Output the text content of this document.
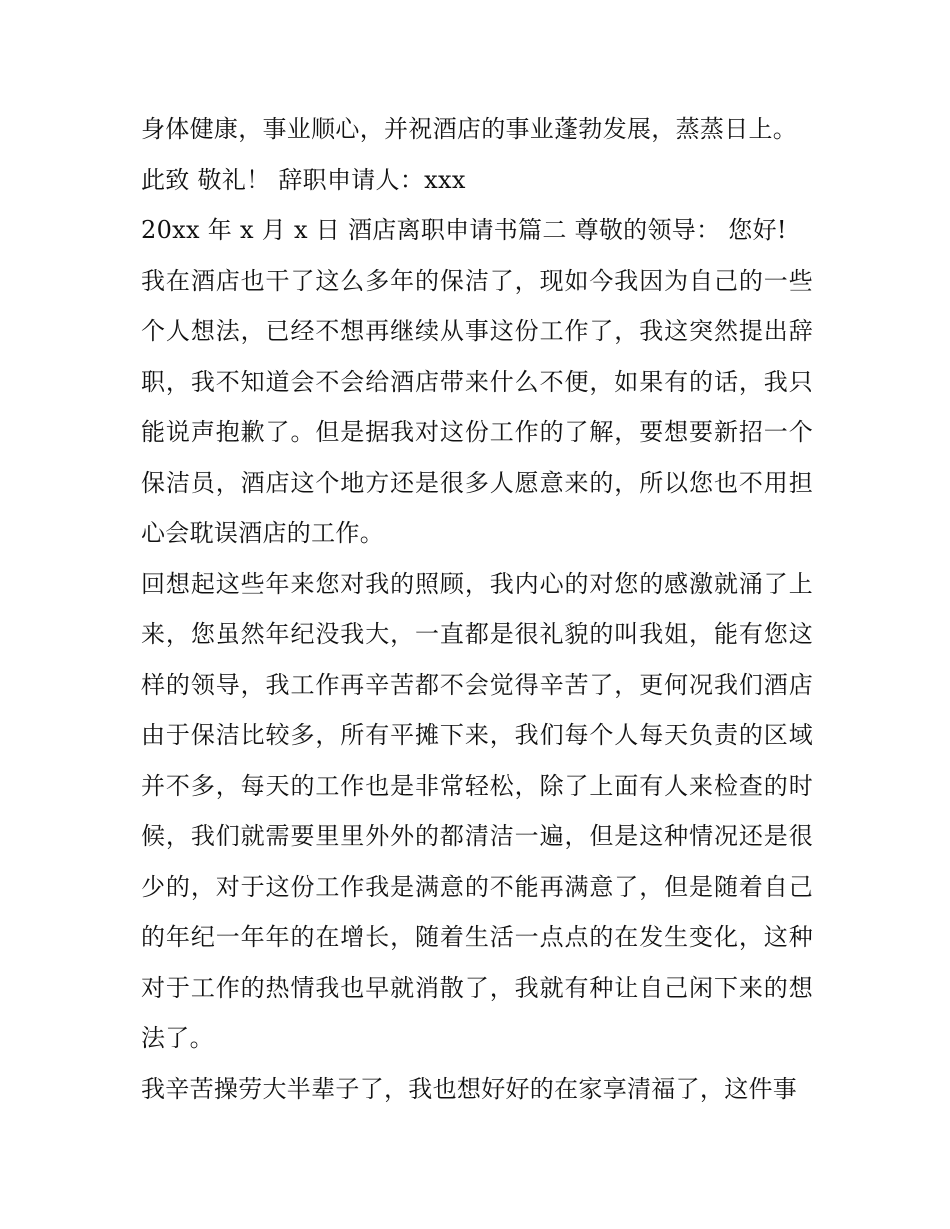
身体健康，事业顺心，并祝酒店的事业蓬勃发展，蒸蒸日上。

此致 敬礼！ 辞职申请人：xxx

20xx 年 x 月 x 日 酒店离职申请书篇二 尊敬的领导： 您好!

我在酒店也干了这么多年的保洁了，现如今我因为自己的一些个人想法，已经不想再继续从事这份工作了，我这突然提出辞职，我不知道会不会给酒店带来什么不便，如果有的话，我只能说声抱歉了。但是据我对这份工作的了解，要想要新招一个保洁员，酒店这个地方还是很多人愿意来的，所以您也不用担心会耽误酒店的工作。

回想起这些年来您对我的照顾，我内心的对您的感激就涌了上来，您虽然年纪没我大，一直都是很礼貌的叫我姐，能有您这样的领导，我工作再辛苦都不会觉得辛苦了，更何况我们酒店由于保洁比较多，所有平摊下来，我们每个人每天负责的区域并不多，每天的工作也是非常轻松，除了上面有人来检查的时候，我们就需要里里外外的都清洁一遍，但是这种情况还是很少的，对于这份工作我是满意的不能再满意了，但是随着自己的年纪一年年的在增长，随着生活一点点的在发生变化，这种对于工作的热情我也早就消散了，我就有种让自己闲下来的想法了。

我辛苦操劳大半辈子了，我也想好好的在家享清福了，这件事
